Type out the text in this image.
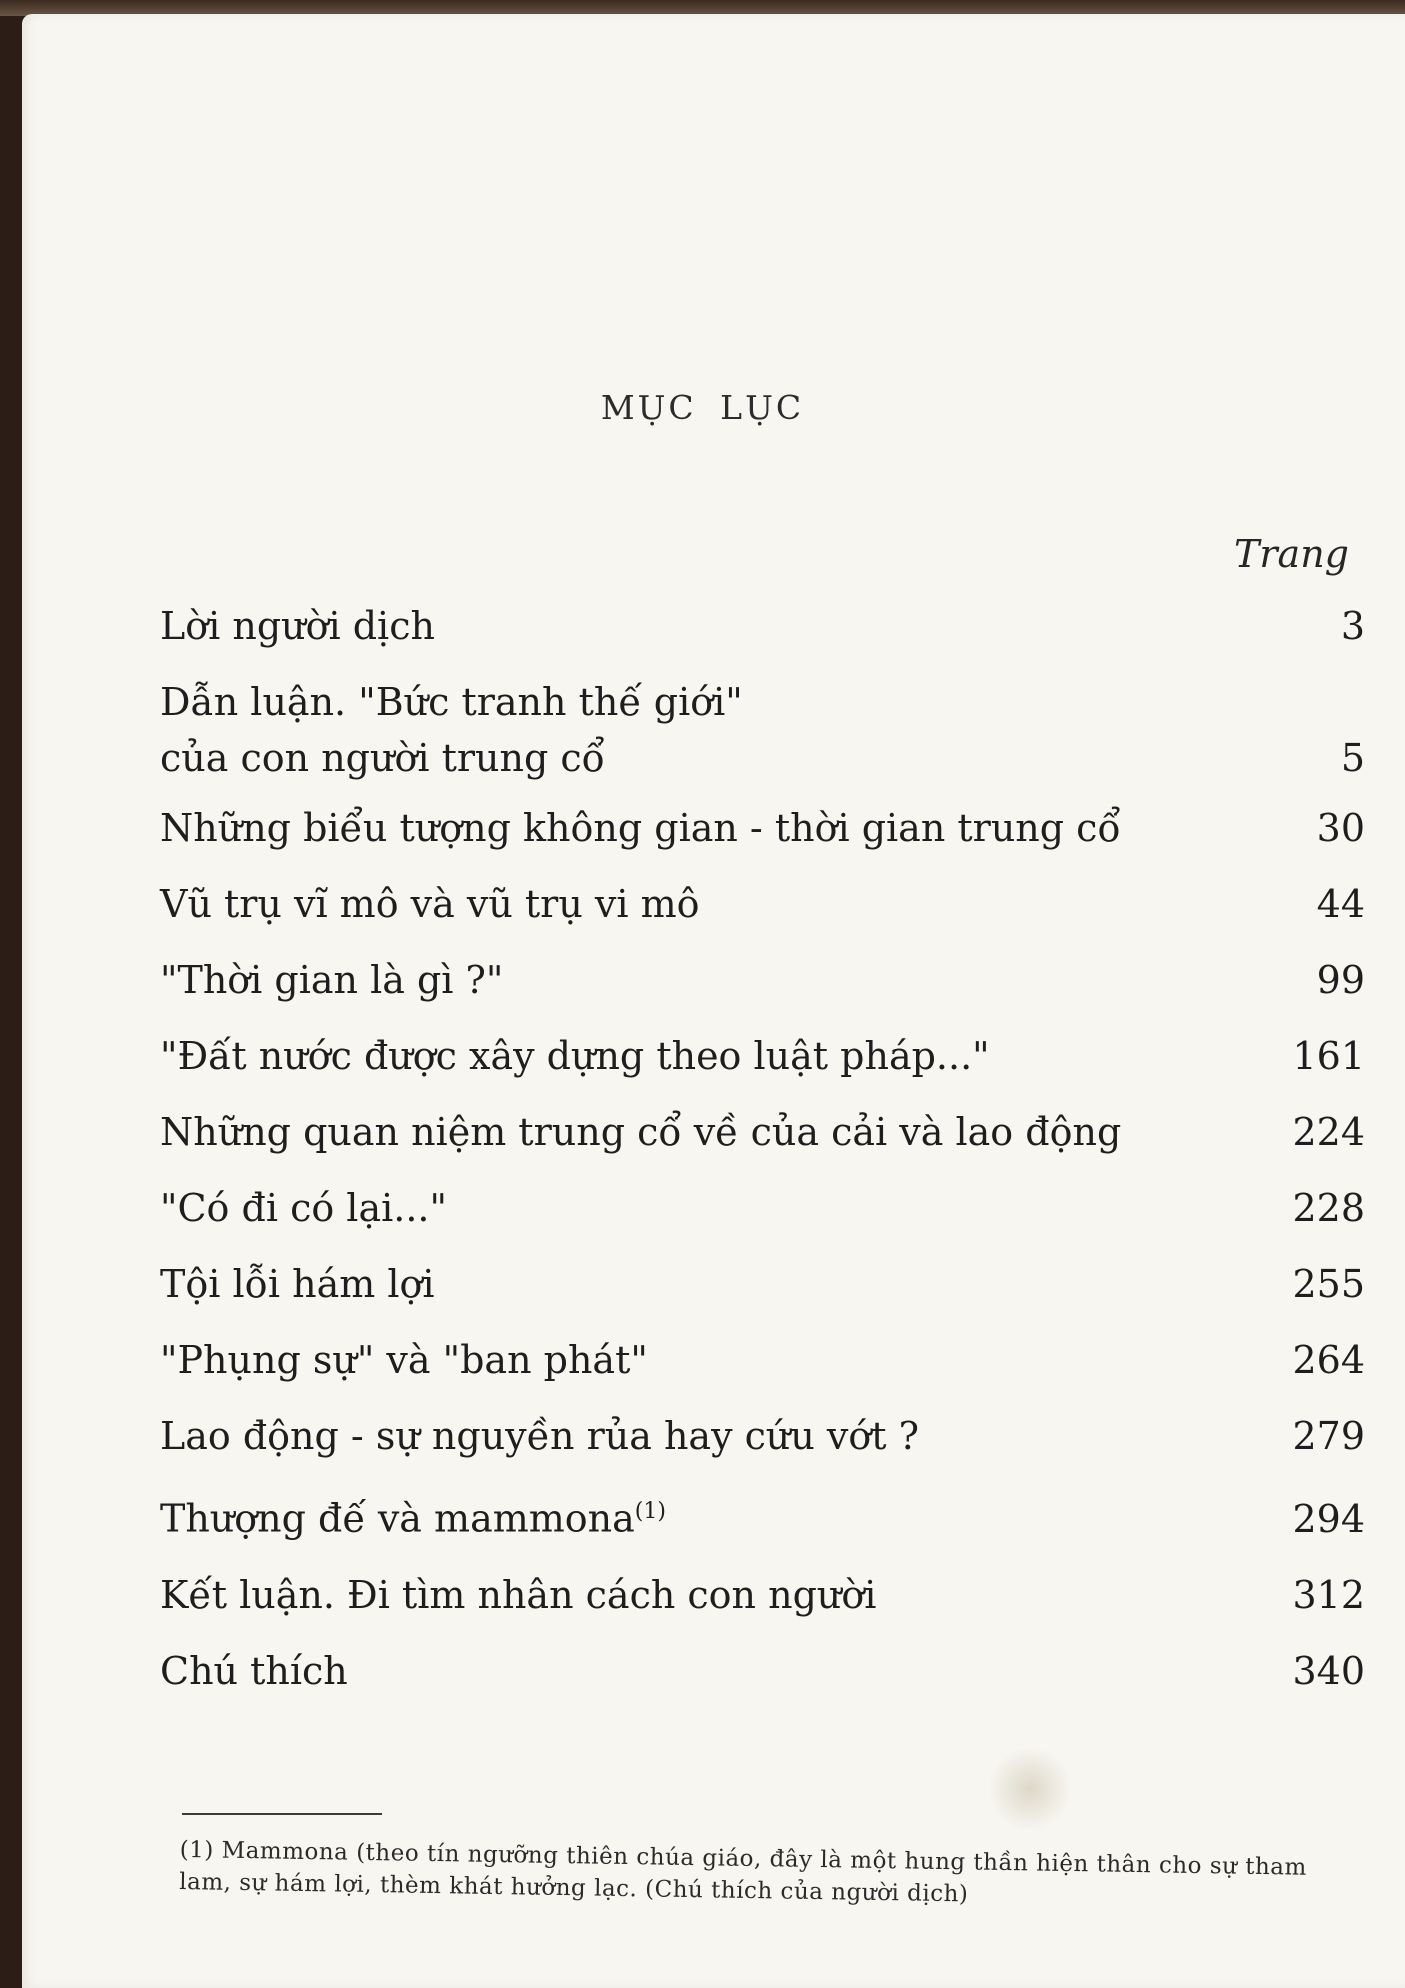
MỤC LỤC
Trang
Lời người dịch	3
Dẫn luận. "Bức tranh thế giới"
của con người trung cổ	5
Những biểu tượng không gian - thời gian trung cổ	30
Vũ trụ vĩ mô và vũ trụ vi mô	44
"Thời gian là gì ?"	99
"Đất nước được xây dựng theo luật pháp..."	161
Những quan niệm trung cổ về của cải và lao động	224
"Có đi có lại..."	228
Tội lỗi hám lợi	255
"Phụng sự" và "ban phát"	264
Lao động - sự nguyền rủa hay cứu vớt ?	279
Thượng đế và mammona$^{(1)}$	294
Kết luận. Đi tìm nhân cách con người	312
Chú thích	340
(1) Mammona (theo tín ngưỡng thiên chúa giáo, đây là một hung thần hiện thân cho sự tham lam, sự hám lợi, thèm khát hưởng lạc. (Chú thích của người dịch)
